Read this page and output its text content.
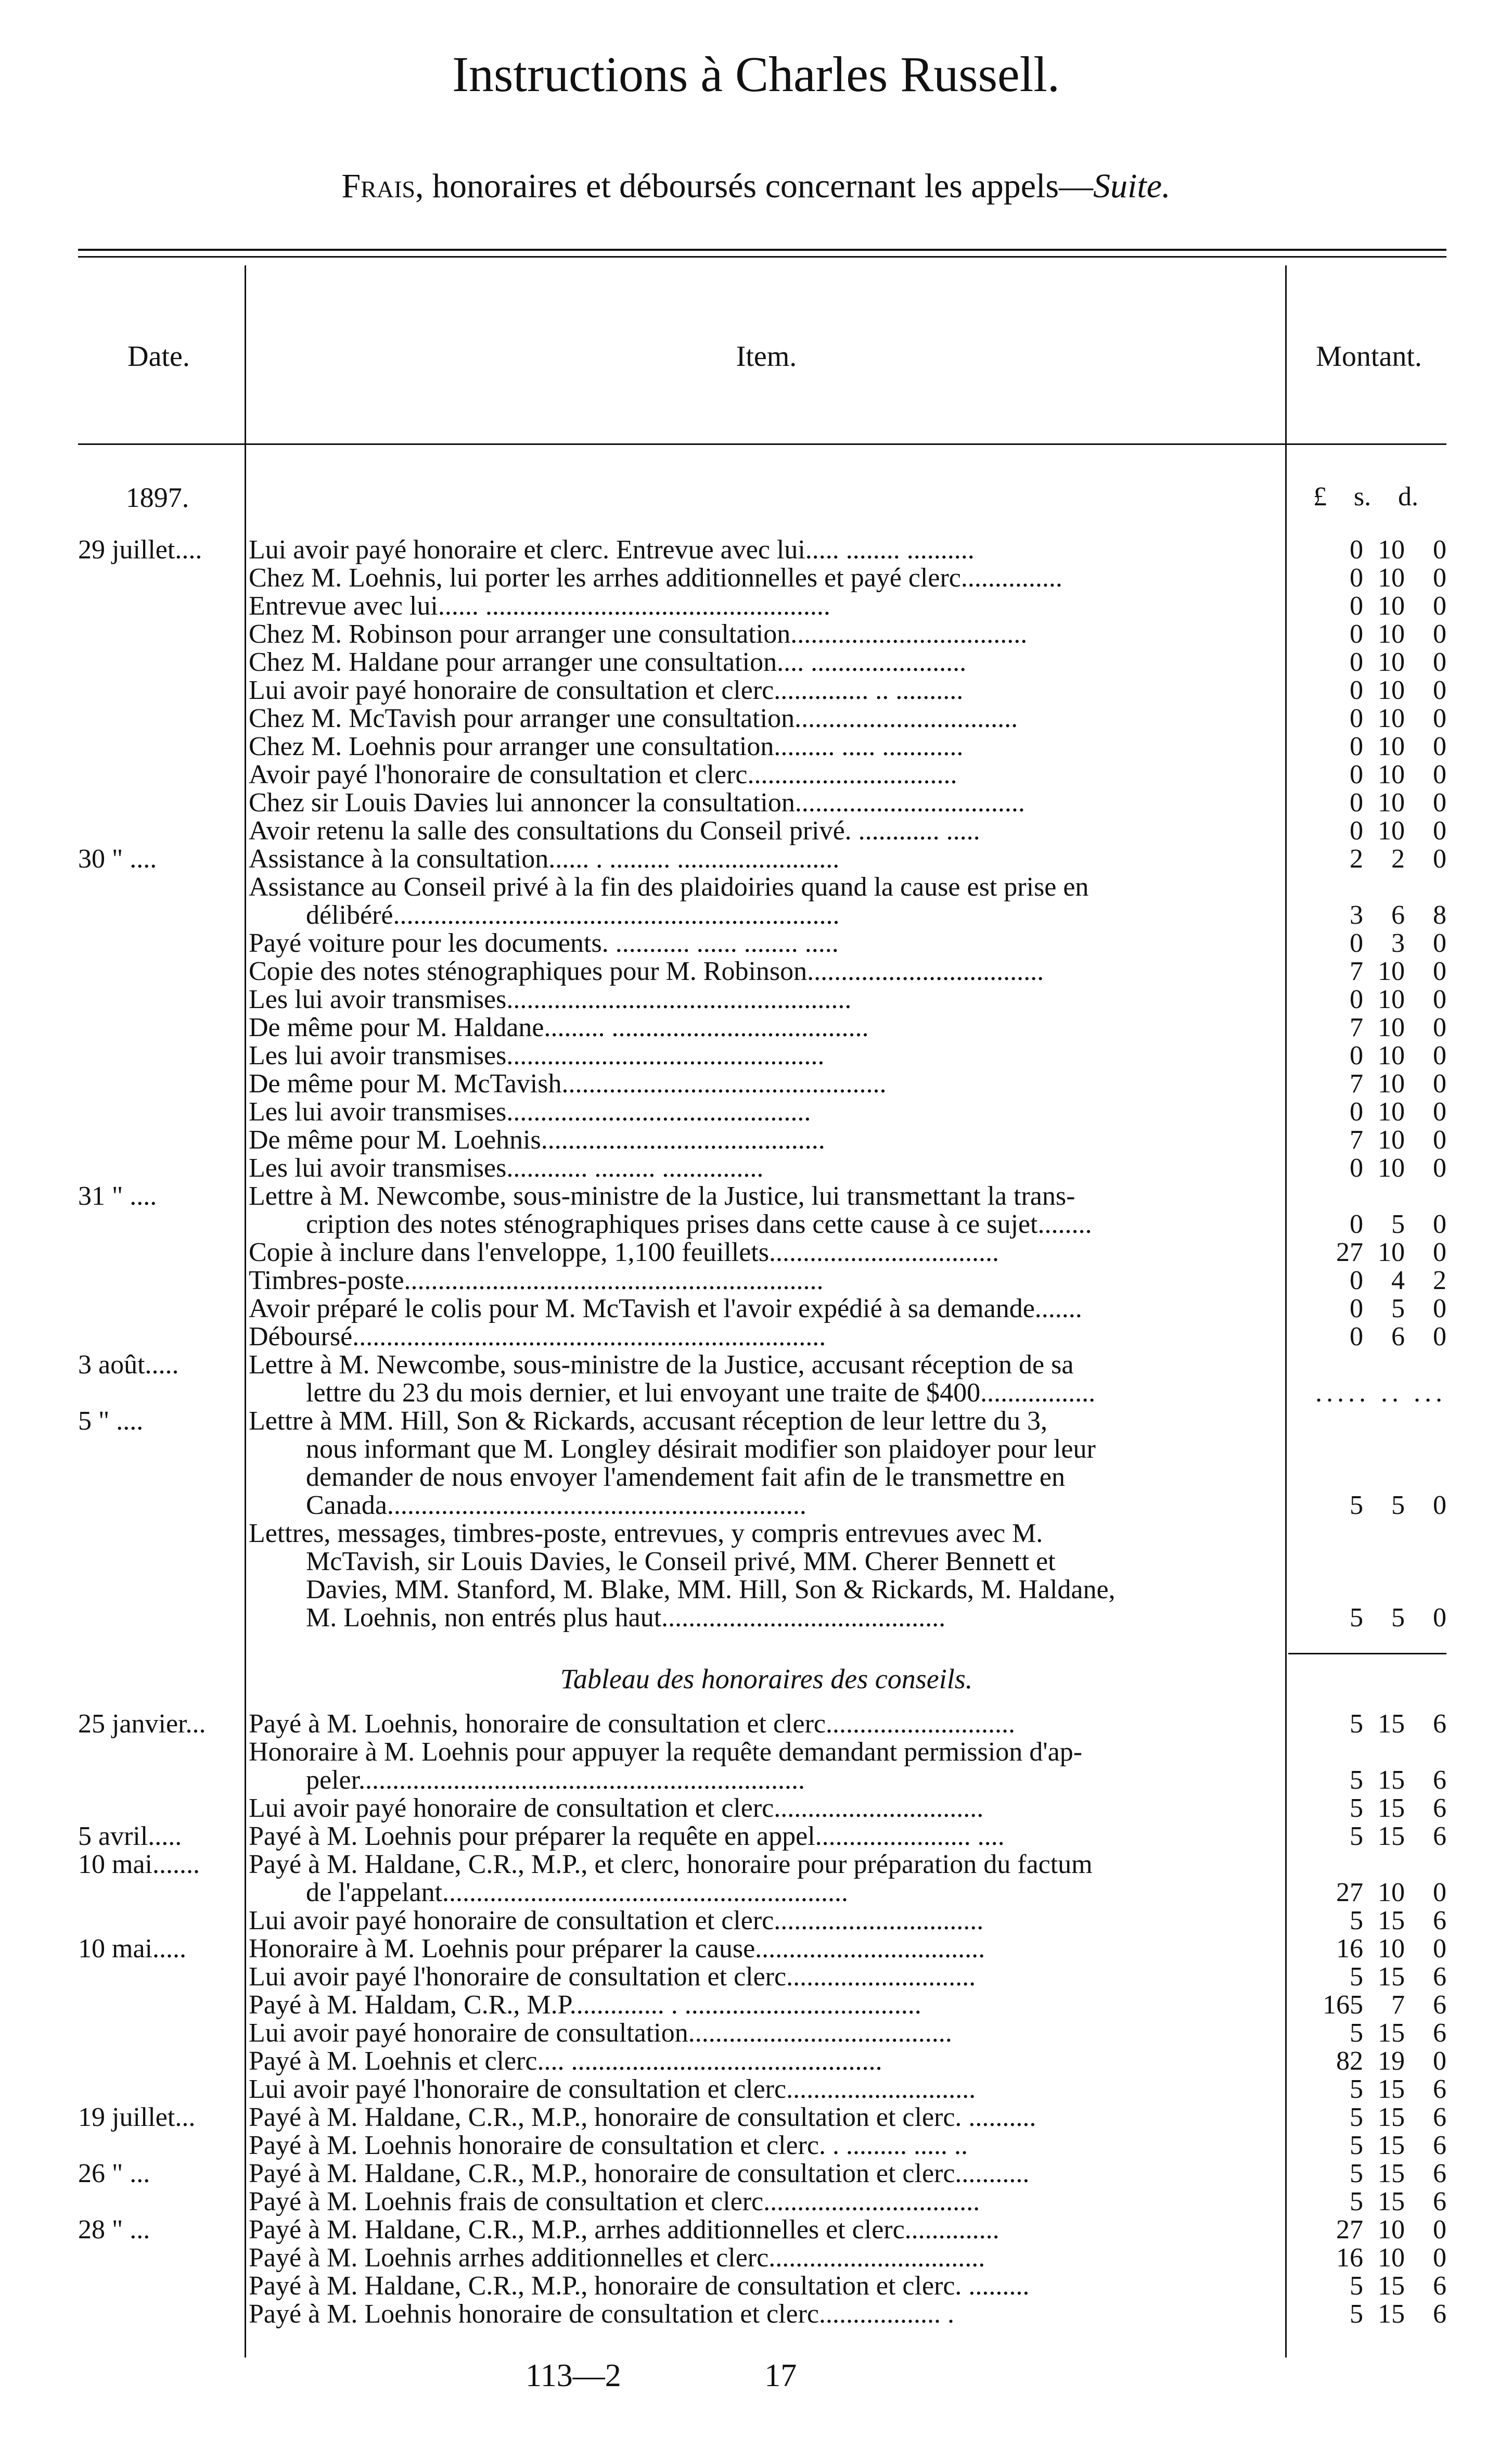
Instructions à Charles Russell.
Frais, honoraires et déboursés concernant les appels—Suite.
Date.	Item.	Montant.
1897.	£ s. d.
29 juillet....	Lui avoir payé honoraire et clerc. Entrevue avec lui..... ........ ..........	0 10	0
Chez M. Loehnis, lui porter les arrhes additionnelles et payé clerc...............	0 10	0
Entrevue avec lui...... ...................................................	0 10	0
Chez M. Robinson pour arranger une consultation...................................	0 10	0
Chez M. Haldane pour arranger une consultation.... .......................	0 10	0
Lui avoir payé honoraire de consultation et clerc.............. .. ..........	0 10	0
Chez M. McTavish pour arranger une consultation.................................	0 10	0
Chez M. Loehnis pour arranger une consultation......... ..... ............	0 10	0
Avoir payé l'honoraire de consultation et clerc...............................	0 10	0
Chez sir Louis Davies lui annoncer la consultation..................................	0 10	0
Avoir retenu la salle des consultations du Conseil privé. ............ .....	0 10	0
30 " ....	Assistance à la consultation...... . ......... ........................	2	2	0
Assistance au Conseil privé à la fin des plaidoiries quand la cause est prise en
délibéré..................................................................	3	6	8
Payé voiture pour les documents. ........... ...... ........ .....	0	3	0
Copie des notes sténographiques pour M. Robinson...................................	7 10	0
Les lui avoir transmises...................................................	0 10	0
De même pour M. Haldane......... ......................................	7 10	0
Les lui avoir transmises...............................................	0 10	0
De même pour M. McTavish................................................	7 10	0
Les lui avoir transmises.............................................	0 10	0
De même pour M. Loehnis..........................................	7 10	0
Les lui avoir transmises............ ......... ...............	0 10	0
31 " ....	Lettre à M. Newcombe, sous-ministre de la Justice, lui transmettant la trans-
cription des notes sténographiques prises dans cette cause à ce sujet........	0	5	0
Copie à inclure dans l'enveloppe, 1,100 feuillets..................................	27 10	0
Timbres-poste..............................................................	0	4	2
Avoir préparé le colis pour M. McTavish et l'avoir expédié à sa demande.......	0	5	0
Déboursé......................................................................	0	6	0
3 août.....	Lettre à M. Newcombe, sous-ministre de la Justice, accusant réception de sa
lettre du 23 du mois dernier, et lui envoyant une traite de $400.................	..... .. ...
5 " ....	Lettre à MM. Hill, Son & Rickards, accusant réception de leur lettre du 3,
nous informant que M. Longley désirait modifier son plaidoyer pour leur
demander de nous envoyer l'amendement fait afin de le transmettre en
Canada..............................................................	5	5	0
Lettres, messages, timbres-poste, entrevues, y compris entrevues avec M.
McTavish, sir Louis Davies, le Conseil privé, MM. Cherer Bennett et
Davies, MM. Stanford, M. Blake, MM. Hill, Son & Rickards, M. Haldane,
M. Loehnis, non entrés plus haut..........................................	5	5	0
Tableau des honoraires des conseils.
25 janvier...	Payé à M. Loehnis, honoraire de consultation et clerc............................	5 15	6
Honoraire à M. Loehnis pour appuyer la requête demandant permission d'ap-
peler..................................................................	5 15	6
Lui avoir payé honoraire de consultation et clerc...............................	5 15	6
5 avril.....	Payé à M. Loehnis pour préparer la requête en appel....................... ....	5 15	6
10 mai.......	Payé à M. Haldane, C.R., M.P., et clerc, honoraire pour préparation du factum
de l'appelant............................................................	27 10	0
Lui avoir payé honoraire de consultation et clerc...............................	5 15	6
10 mai.....	Honoraire à M. Loehnis pour préparer la cause..................................	16 10	0
Lui avoir payé l'honoraire de consultation et clerc............................	5 15	6
Payé à M. Haldam, C.R., M.P.............. . ...................................	165	7	6
Lui avoir payé honoraire de consultation.......................................	5 15	6
Payé à M. Loehnis et clerc.... ..............................................	82 19	0
Lui avoir payé l'honoraire de consultation et clerc............................	5 15	6
19 juillet...	Payé à M. Haldane, C.R., M.P., honoraire de consultation et clerc. ..........	5 15	6
Payé à M. Loehnis honoraire de consultation et clerc. . ......... ..... ..	5 15	6
26 " ...	Payé à M. Haldane, C.R., M.P., honoraire de consultation et clerc...........	5 15	6
Payé à M. Loehnis frais de consultation et clerc................................	5 15	6
28 " ...	Payé à M. Haldane, C.R., M.P., arrhes additionnelles et clerc..............	27 10	0
Payé à M. Loehnis arrhes additionnelles et clerc................................	16 10	0
Payé à M. Haldane, C.R., M.P., honoraire de consultation et clerc. .........	5 15	6
Payé à M. Loehnis honoraire de consultation et clerc.................. .	5 15	6
113—2	17
